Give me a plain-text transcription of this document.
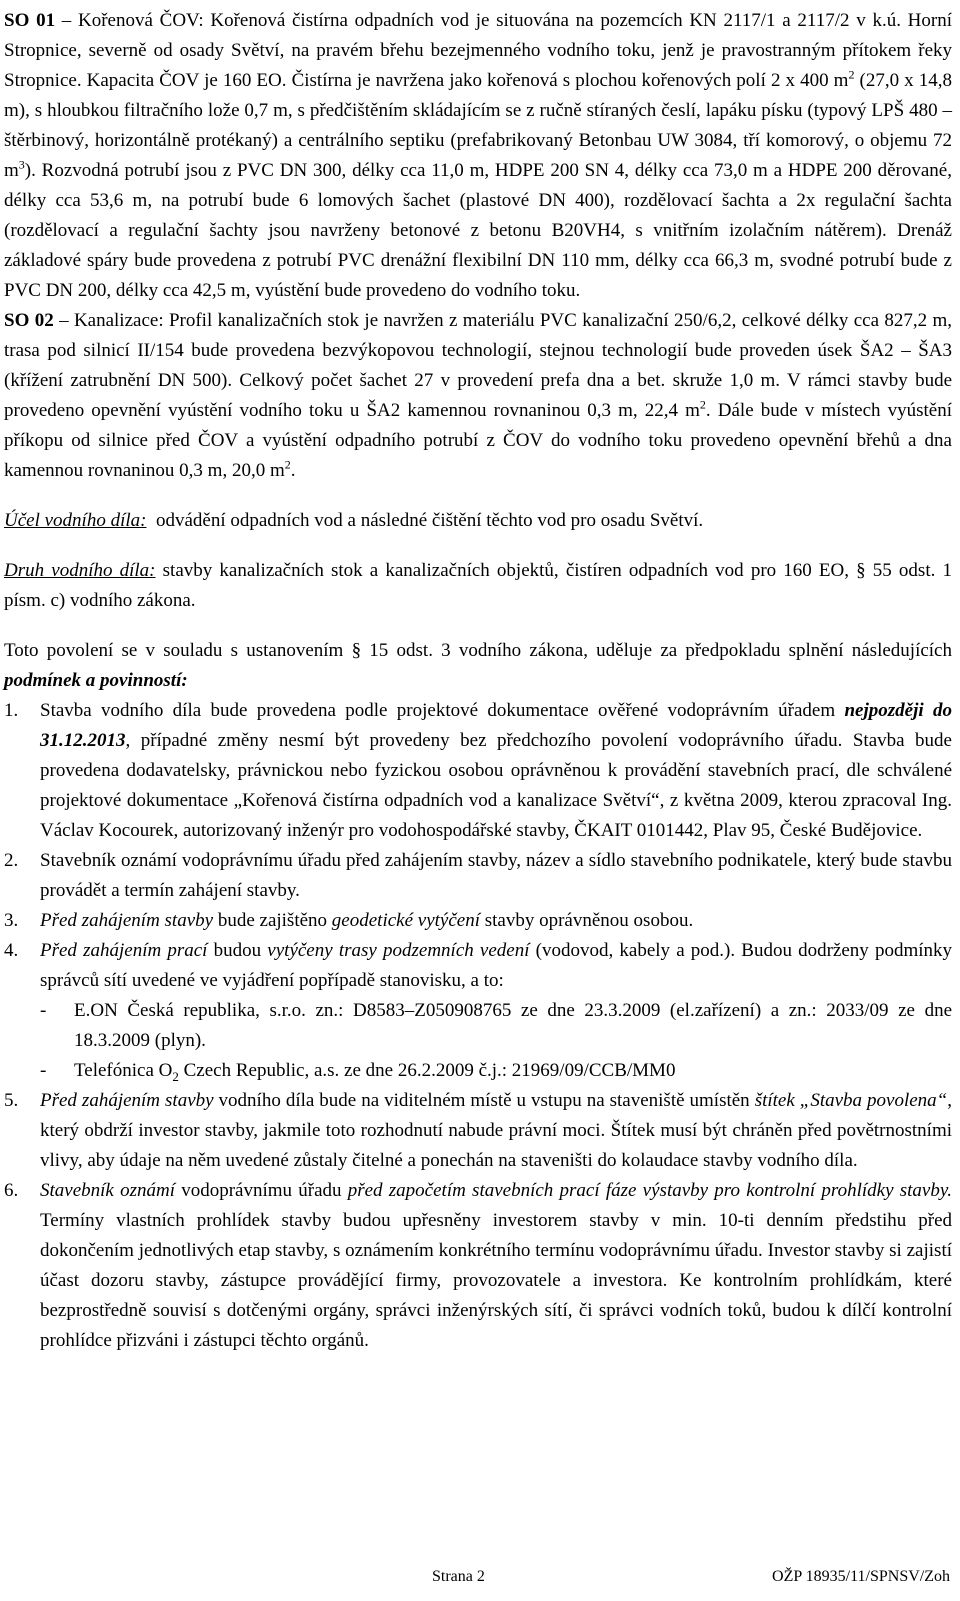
SO 01 – Kořenová ČOV: Kořenová čistírna odpadních vod je situována na pozemcích KN 2117/1 a 2117/2 v k.ú. Horní Stropnice, severně od osady Světví, na pravém břehu bezejmenného vodního toku, jenž je pravostranným přítokem řeky Stropnice. Kapacita ČOV je 160 EO. Čistírna je navržena jako kořenová s plochou kořenových polí 2 x 400 $m^2$ (27,0 x 14,8 m), s hloubkou filtračního lože 0,7 m, s předčištěním skládajícím se z ručně stíraných česlí, lapáku písku (typový LPŠ 480 – štěrbinový, horizontálně protékaný) a centrálního septiku (prefabrikovaný Betonbau UW 3084, tří komorový, o objemu 72 $m^3$). Rozvodná potrubí jsou z PVC DN 300, délky cca 11,0 m, HDPE 200 SN 4, délky cca 73,0 m a HDPE 200 děrované, délky cca 53,6 m, na potrubí bude 6 lomových šachet (plastové DN 400), rozdělovací šachta a 2x regulační šachta (rozdělovací a regulační šachty jsou navrženy betonové z betonu B20VH4, s vnitřním izolačním nátěrem). Drenáž základové spáry bude provedena z potrubí PVC drenážní flexibilní DN 110 mm, délky cca 66,3 m, svodné potrubí bude z PVC DN 200, délky cca 42,5 m, vyústění bude provedeno do vodního toku.

SO 02 – Kanalizace: Profil kanalizačních stok je navržen z materiálu PVC kanalizační 250/6,2, celkové délky cca 827,2 m, trasa pod silnicí II/154 bude provedena bezvýkopovou technologií, stejnou technologií bude proveden úsek ŠA2 – ŠA3 (křížení zatrubnění DN 500). Celkový počet šachet 27 v provedení prefa dna a bet. skruže 1,0 m. V rámci stavby bude provedeno opevnění vyústění vodního toku u ŠA2 kamennou rovnaninou 0,3 m, 22,4 $m^2$. Dále bude v místech vyústění příkopu od silnice před ČOV a vyústění odpadního potrubí z ČOV do vodního toku provedeno opevnění břehů a dna kamennou rovnaninou 0,3 m, 20,0 $m^2$.

Účel vodního díla:  odvádění odpadních vod a následné čištění těchto vod pro osadu Světví.

Druh vodního díla: stavby kanalizačních stok a kanalizačních objektů, čistíren odpadních vod pro 160 EO, § 55 odst. 1 písm. c) vodního zákona.

Toto povolení se v souladu s ustanovením § 15 odst. 3 vodního zákona, uděluje za předpokladu splnění následujících podmínek a povinností:

1.	Stavba vodního díla bude provedena podle projektové dokumentace ověřené vodoprávním úřadem nejpozději do 31.12.2013, případné změny nesmí být provedeny bez předchozího povolení vodoprávního úřadu. Stavba bude provedena dodavatelsky, právnickou nebo fyzickou osobou oprávněnou k provádění stavebních prací, dle schválené projektové dokumentace „Kořenová čistírna odpadních vod a kanalizace Světví“, z května 2009, kterou zpracoval Ing. Václav Kocourek, autorizovaný inženýr pro vodohospodářské stavby, ČKAIT 0101442, Plav 95, České Budějovice.
2.	Stavebník oznámí vodoprávnímu úřadu před zahájením stavby, název a sídlo stavebního podnikatele, který bude stavbu provádět a termín zahájení stavby.
3.	Před zahájením stavby bude zajištěno geodetické vytýčení stavby oprávněnou osobou.
4.	Před zahájením prací budou vytýčeny trasy podzemních vedení (vodovod, kabely a pod.). Budou dodrženy podmínky správců sítí uvedené ve vyjádření popřípadě stanovisku, a to:
-	E.ON Česká republika, s.r.o. zn.: D8583–Z050908765 ze dne 23.3.2009 (el.zařízení) a zn.: 2033/09 ze dne 18.3.2009 (plyn).
-	Telefónica $O_2$ Czech Republic, a.s. ze dne 26.2.2009 č.j.: 21969/09/CCB/MM0
5.	Před zahájením stavby vodního díla bude na viditelném místě u vstupu na staveniště umístěn štítek „Stavba povolena“, který obdrží investor stavby, jakmile toto rozhodnutí nabude právní moci. Štítek musí být chráněn před povětrnostními vlivy, aby údaje na něm uvedené zůstaly čitelné a ponechán na staveništi do kolaudace stavby vodního díla.
6.	Stavebník oznámí vodoprávnímu úřadu před započetím stavebních prací fáze výstavby pro kontrolní prohlídky stavby. Termíny vlastních prohlídek stavby budou upřesněny investorem stavby v min. 10-ti denním předstihu před dokončením jednotlivých etap stavby, s oznámením konkrétního termínu vodoprávnímu úřadu. Investor stavby si zajistí účast dozoru stavby, zástupce provádějící firmy, provozovatele a investora. Ke kontrolním prohlídkám, které bezprostředně souvisí s dotčenými orgány, správci inženýrských sítí, či správci vodních toků, budou k dílčí kontrolní prohlídce přizváni i zástupci těchto orgánů.
Strana 2	OŽP 18935/11/SPNSV/Zoh
